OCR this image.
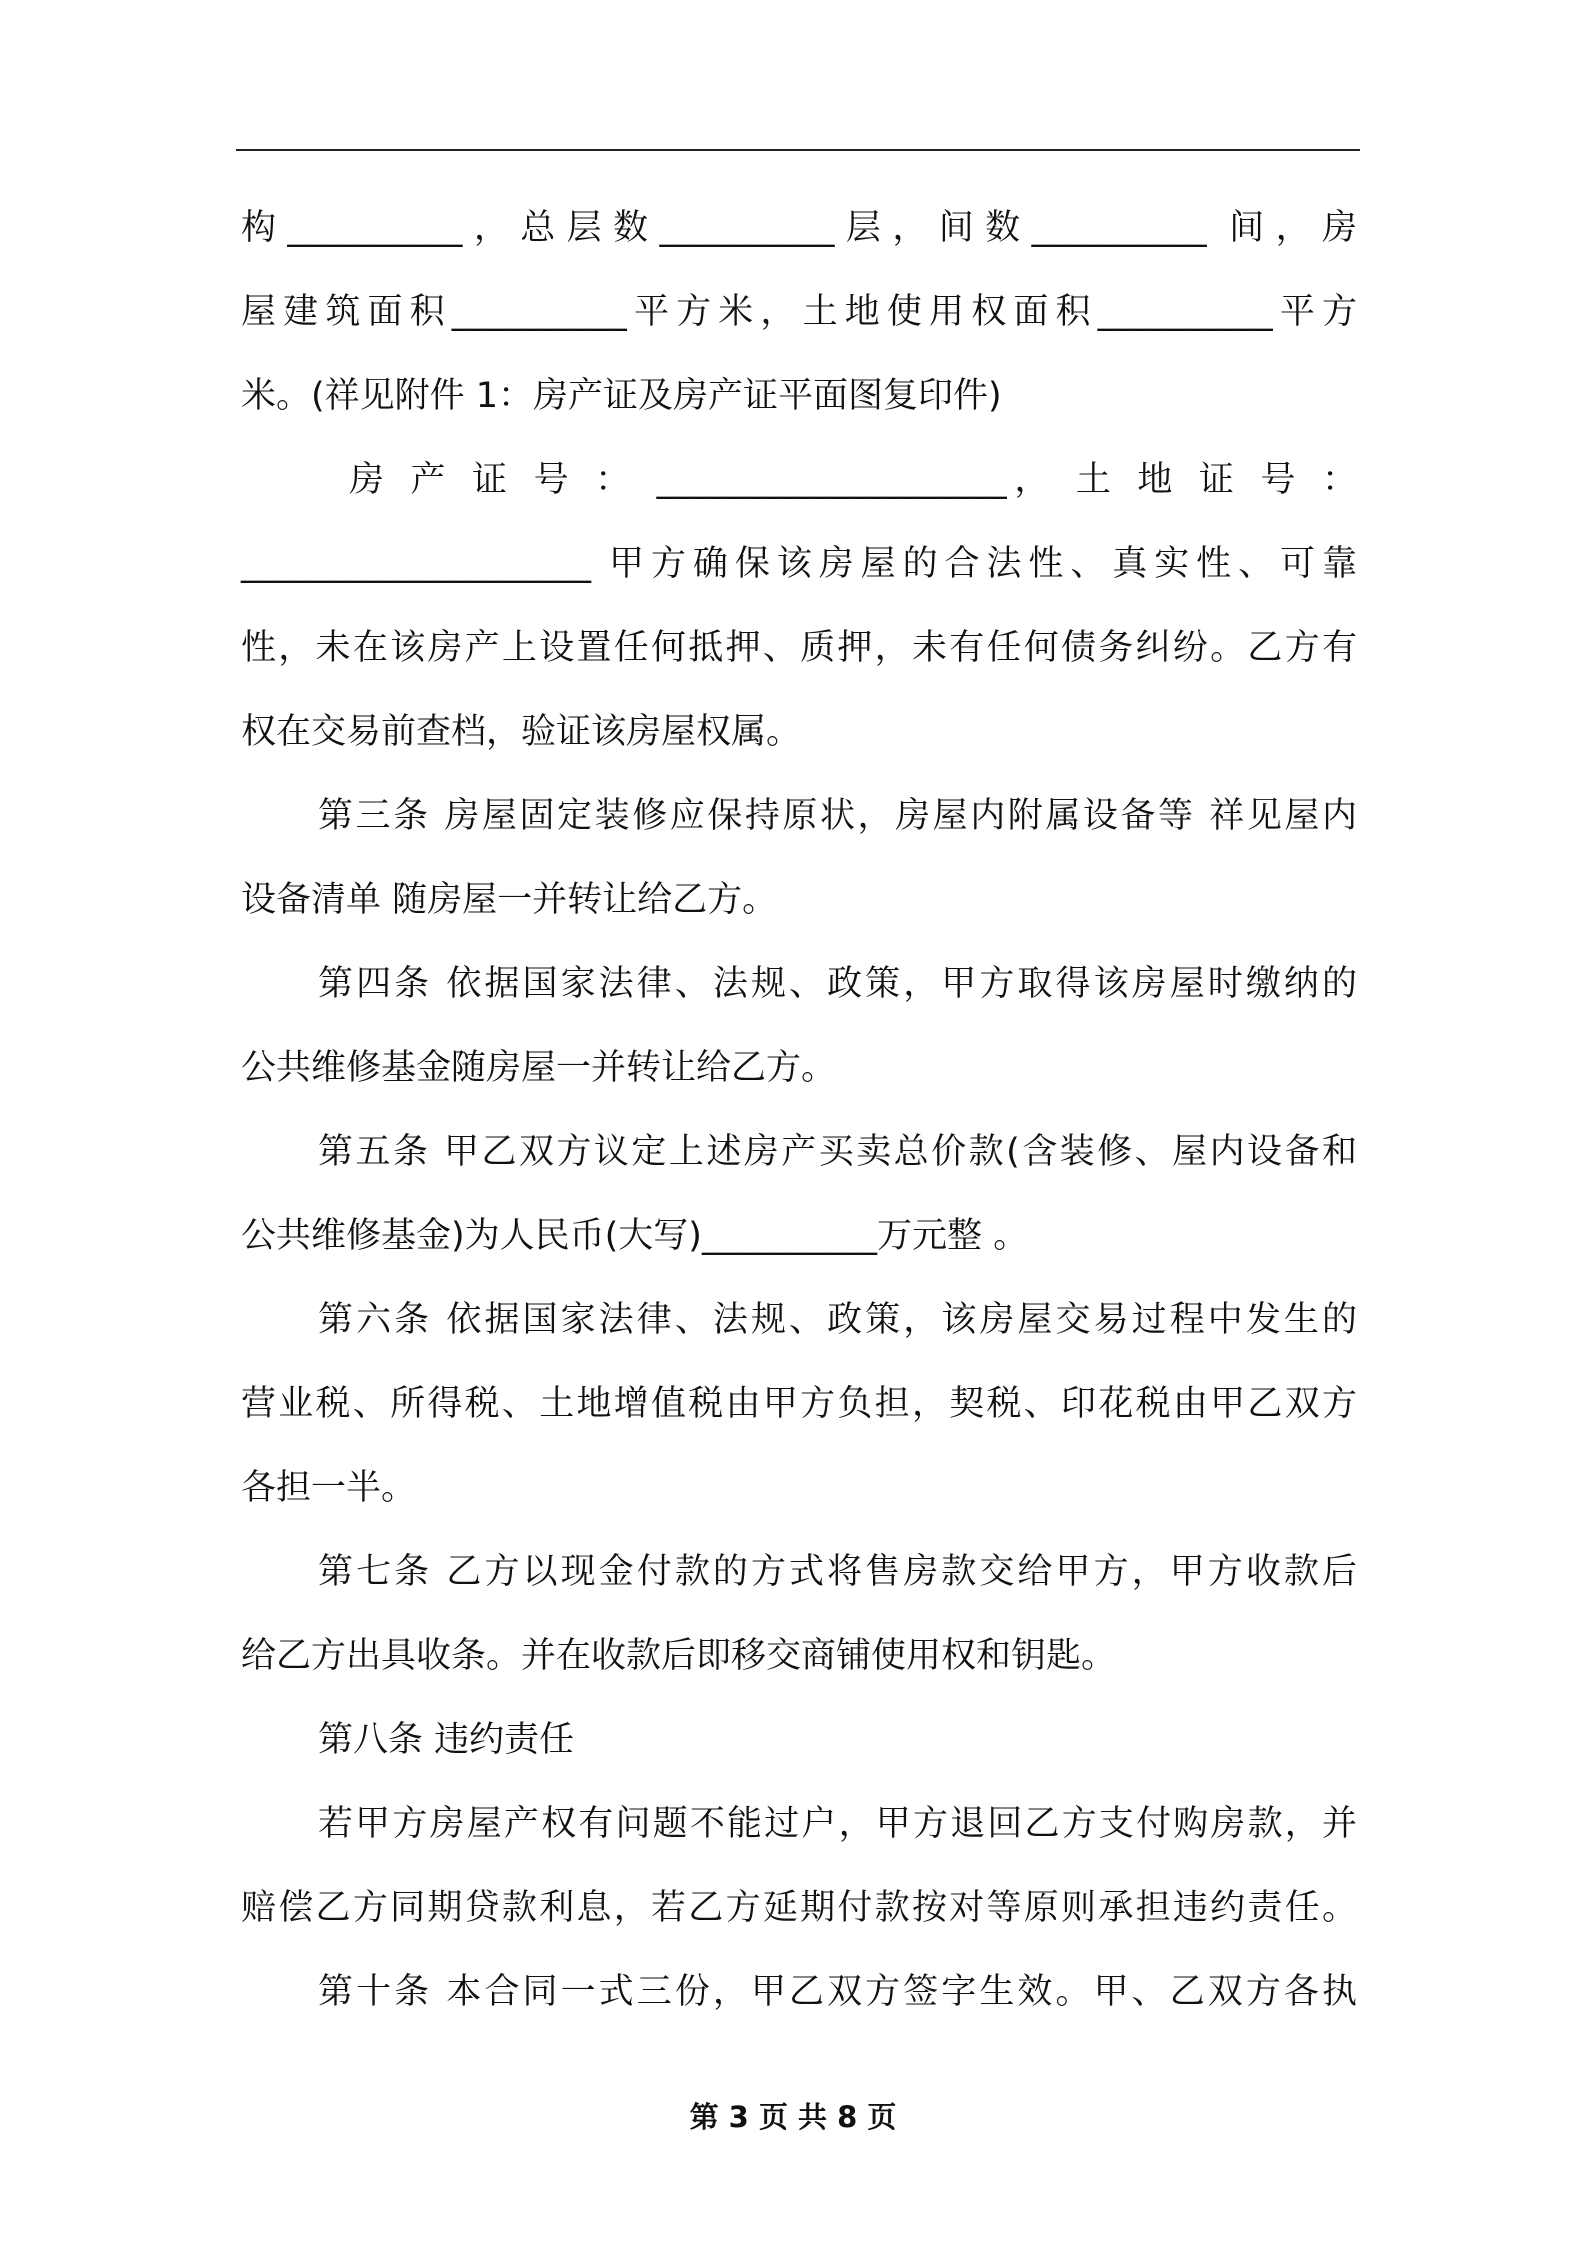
构__________，总层数__________层，间数__________ 间，房
屋建筑面积__________平方米，土地使用权面积__________平方
米。(祥见附件 1：房产证及房产证平面图复印件)
房 产 证 号 ： ____________________， 土 地 证 号 ：
____________________ 甲方确保该房屋的合法性、真实性、可靠
性，未在该房产上设置任何抵押、质押，未有任何债务纠纷。乙方有
权在交易前查档，验证该房屋权属。
第三条 房屋固定装修应保持原状，房屋内附属设备等 祥见屋内
设备清单 随房屋一并转让给乙方。
第四条 依据国家法律、法规、政策，甲方取得该房屋时缴纳的
公共维修基金随房屋一并转让给乙方。
第五条 甲乙双方议定上述房产买卖总价款(含装修、屋内设备和
公共维修基金)为人民币(大写)__________万元整 。
第六条 依据国家法律、法规、政策，该房屋交易过程中发生的
营业税、所得税、土地增值税由甲方负担，契税、印花税由甲乙双方
各担一半。
第七条 乙方以现金付款的方式将售房款交给甲方，甲方收款后
给乙方出具收条。并在收款后即移交商铺使用权和钥匙。
第八条 违约责任
若甲方房屋产权有问题不能过户，甲方退回乙方支付购房款，并
赔偿乙方同期贷款利息，若乙方延期付款按对等原则承担违约责任。
第十条 本合同一式三份，甲乙双方签字生效。甲、乙双方各执
第 3 页 共 8 页
